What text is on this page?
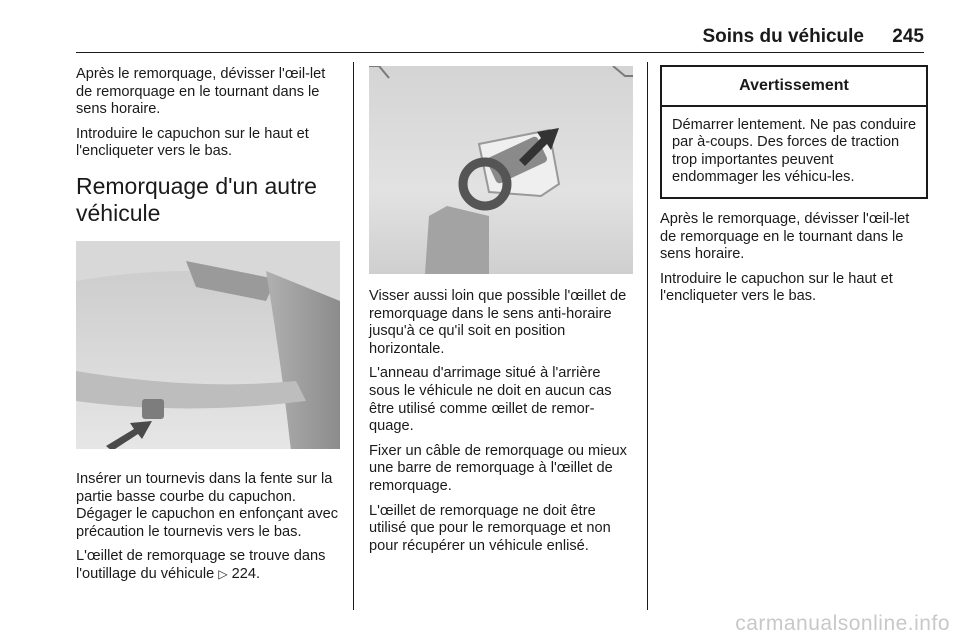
Soins du véhicule 245

Après le remorquage, dévisser l'œil-let de remorquage en le tournant dans le sens horaire.

Introduire le capuchon sur le haut et l'encliqueter vers le bas.

Remorquage d'un autre véhicule

Insérer un tournevis dans la fente sur la partie basse courbe du capuchon. Dégager le capuchon en enfonçant avec précaution le tournevis vers le bas.

L'œillet de remorquage se trouve dans l'outillage du véhicule ▷ 224.

Visser aussi loin que possible l'œillet de remorquage dans le sens anti-horaire jusqu'à ce qu'il soit en position horizontale.

L'anneau d'arrimage situé à l'arrière sous le véhicule ne doit en aucun cas être utilisé comme œillet de remor-quage.

Fixer un câble de remorquage ou mieux une barre de remorquage à l'œillet de remorquage.

L'œillet de remorquage ne doit être utilisé que pour le remorquage et non pour récupérer un véhicule enlisé.

Avertissement
Démarrer lentement. Ne pas conduire par à-coups. Des forces de traction trop importantes peuvent endommager les véhicu-les.

Après le remorquage, dévisser l'œil-let de remorquage en le tournant dans le sens horaire.

Introduire le capuchon sur le haut et l'encliqueter vers le bas.

carmanualsonline.info
